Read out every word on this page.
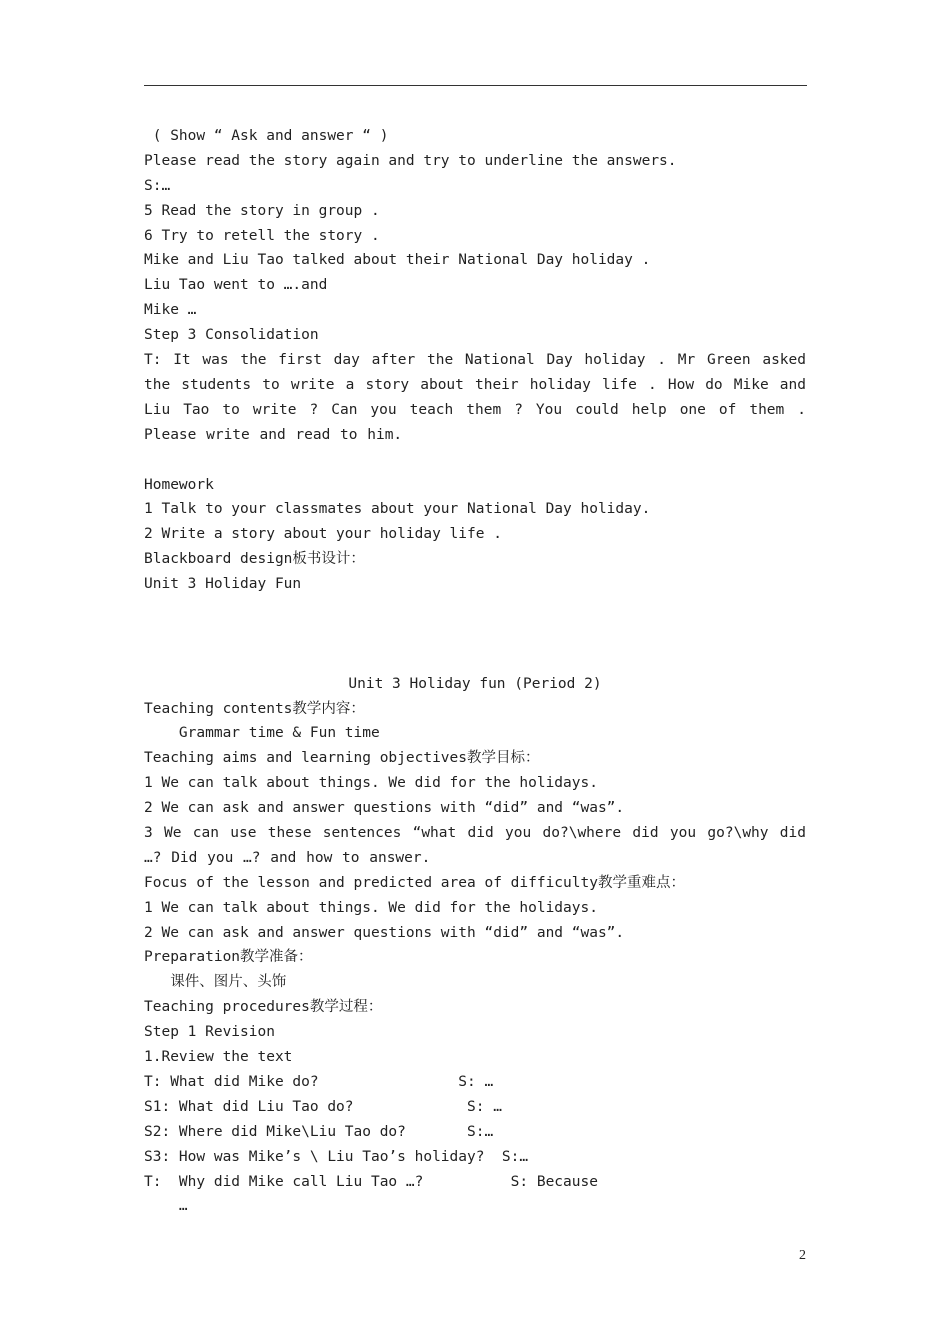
( Show “ Ask and answer “ )
Please read the story again and try to underline the answers.
S:…
5 Read the story in group .
6 Try to retell the story .
Mike and Liu Tao talked about their National Day holiday .
Liu Tao went to ….and
Mike …
Step 3 Consolidation
T: It was the first day after the National Day holiday . Mr Green asked the students to write a story about their holiday life . How do Mike and Liu Tao to write ? Can you teach them ? You could help one of them . Please write and read to him.
Homework
1 Talk to your classmates about your National Day holiday.
2 Write a story about your holiday life .
Blackboard design板书设计：
Unit 3 Holiday Fun
Unit 3 Holiday fun (Period 2)
Teaching contents教学内容：
Grammar time & Fun time
Teaching aims and learning objectives教学目标：
1 We can talk about things. We did for the holidays.
2 We can ask and answer questions with “did” and “was”.
3 We can use these sentences “what did you do?\where did you go?\why did …? Did you …? and how to answer.
Focus of the lesson and predicted area of difficulty教学重难点：
1 We can talk about things. We did for the holidays.
2 We can ask and answer questions with “did” and “was”.
Preparation教学准备：
课件、图片、头饰
Teaching procedures教学过程：
Step 1 Revision
1.Review the text
T: What did Mike do?                S: …
S1: What did Liu Tao do?             S: …
S2: Where did Mike\Liu Tao do?       S:…
S3: How was Mike’s \ Liu Tao’s holiday?  S:…
T:  Why did Mike call Liu Tao …?          S: Because
…
2
